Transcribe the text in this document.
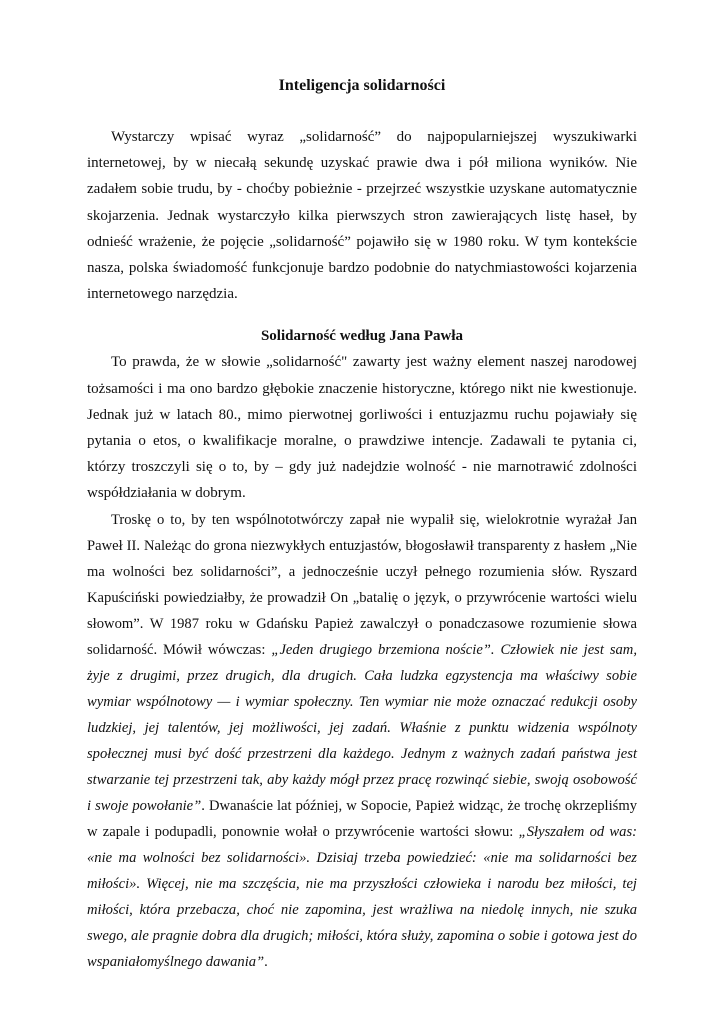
Inteligencja solidarności

Wystarczy wpisać wyraz „solidarność” do najpopularniejszej wyszukiwarki internetowej, by w niecałą sekundę uzyskać prawie dwa i pół miliona wyników. Nie zadałem sobie trudu, by - choćby pobieżnie - przejrzeć wszystkie uzyskane automatycznie skojarzenia. Jednak wystarczyło kilka pierwszych stron zawierających listę haseł, by odnieść wrażenie, że pojęcie „solidarność” pojawiło się w 1980 roku. W tym kontekście nasza, polska świadomość funkcjonuje bardzo podobnie do natychmiastowości kojarzenia internetowego narzędzia.

Solidarność według Jana Pawła

To prawda, że w słowie „solidarność" zawarty jest ważny element naszej narodowej tożsamości i ma ono bardzo głębokie znaczenie historyczne, którego nikt nie kwestionuje. Jednak już w latach 80., mimo pierwotnej gorliwości i entuzjazmu ruchu pojawiały się pytania o etos, o kwalifikacje moralne, o prawdziwe intencje. Zadawali te pytania ci, którzy troszczyli się o to, by – gdy już nadejdzie wolność - nie marnotrawić zdolności współdziałania w dobrym.

Troskę o to, by ten wspólnototwórczy zapał nie wypalił się, wielokrotnie wyrażał Jan Paweł II. Należąc do grona niezwykłych entuzjastów, błogosławił transparenty z hasłem „Nie ma wolności bez solidarności”, a jednocześnie uczył pełnego rozumienia słów. Ryszard Kapuściński powiedziałby, że prowadził On „batalię o język, o przywrócenie wartości wielu słowom”. W 1987 roku w Gdańsku Papież zawalczył o ponadczasowe rozumienie słowa solidarność. Mówił wówczas: „Jeden drugiego brzemiona noście”. Człowiek nie jest sam, żyje z drugimi, przez drugich, dla drugich. Cała ludzka egzystencja ma właściwy sobie wymiar wspólnotowy — i wymiar społeczny. Ten wymiar nie może oznaczać redukcji osoby ludzkiej, jej talentów, jej możliwości, jej zadań. Właśnie z punktu widzenia wspólnoty społecznej musi być dość przestrzeni dla każdego. Jednym z ważnych zadań państwa jest stwarzanie tej przestrzeni tak, aby każdy mógł przez pracę rozwinąć siebie, swoją osobowość i swoje powołanie”. Dwanaście lat później, w Sopocie, Papież widząc, że trochę okrzepliśmy w zapale i podupadli, ponownie wołał o przywrócenie wartości słowu: „Słyszałem od was: «nie ma wolności bez solidarności». Dzisiaj trzeba powiedzieć: «nie ma solidarności bez miłości». Więcej, nie ma szczęścia, nie ma przyszłości człowieka i narodu bez miłości, tej miłości, która przebacza, choć nie zapomina, jest wrażliwa na niedolę innych, nie szuka swego, ale pragnie dobra dla drugich; miłości, która służy, zapomina o sobie i gotowa jest do wspaniałomyślnego dawania”.
